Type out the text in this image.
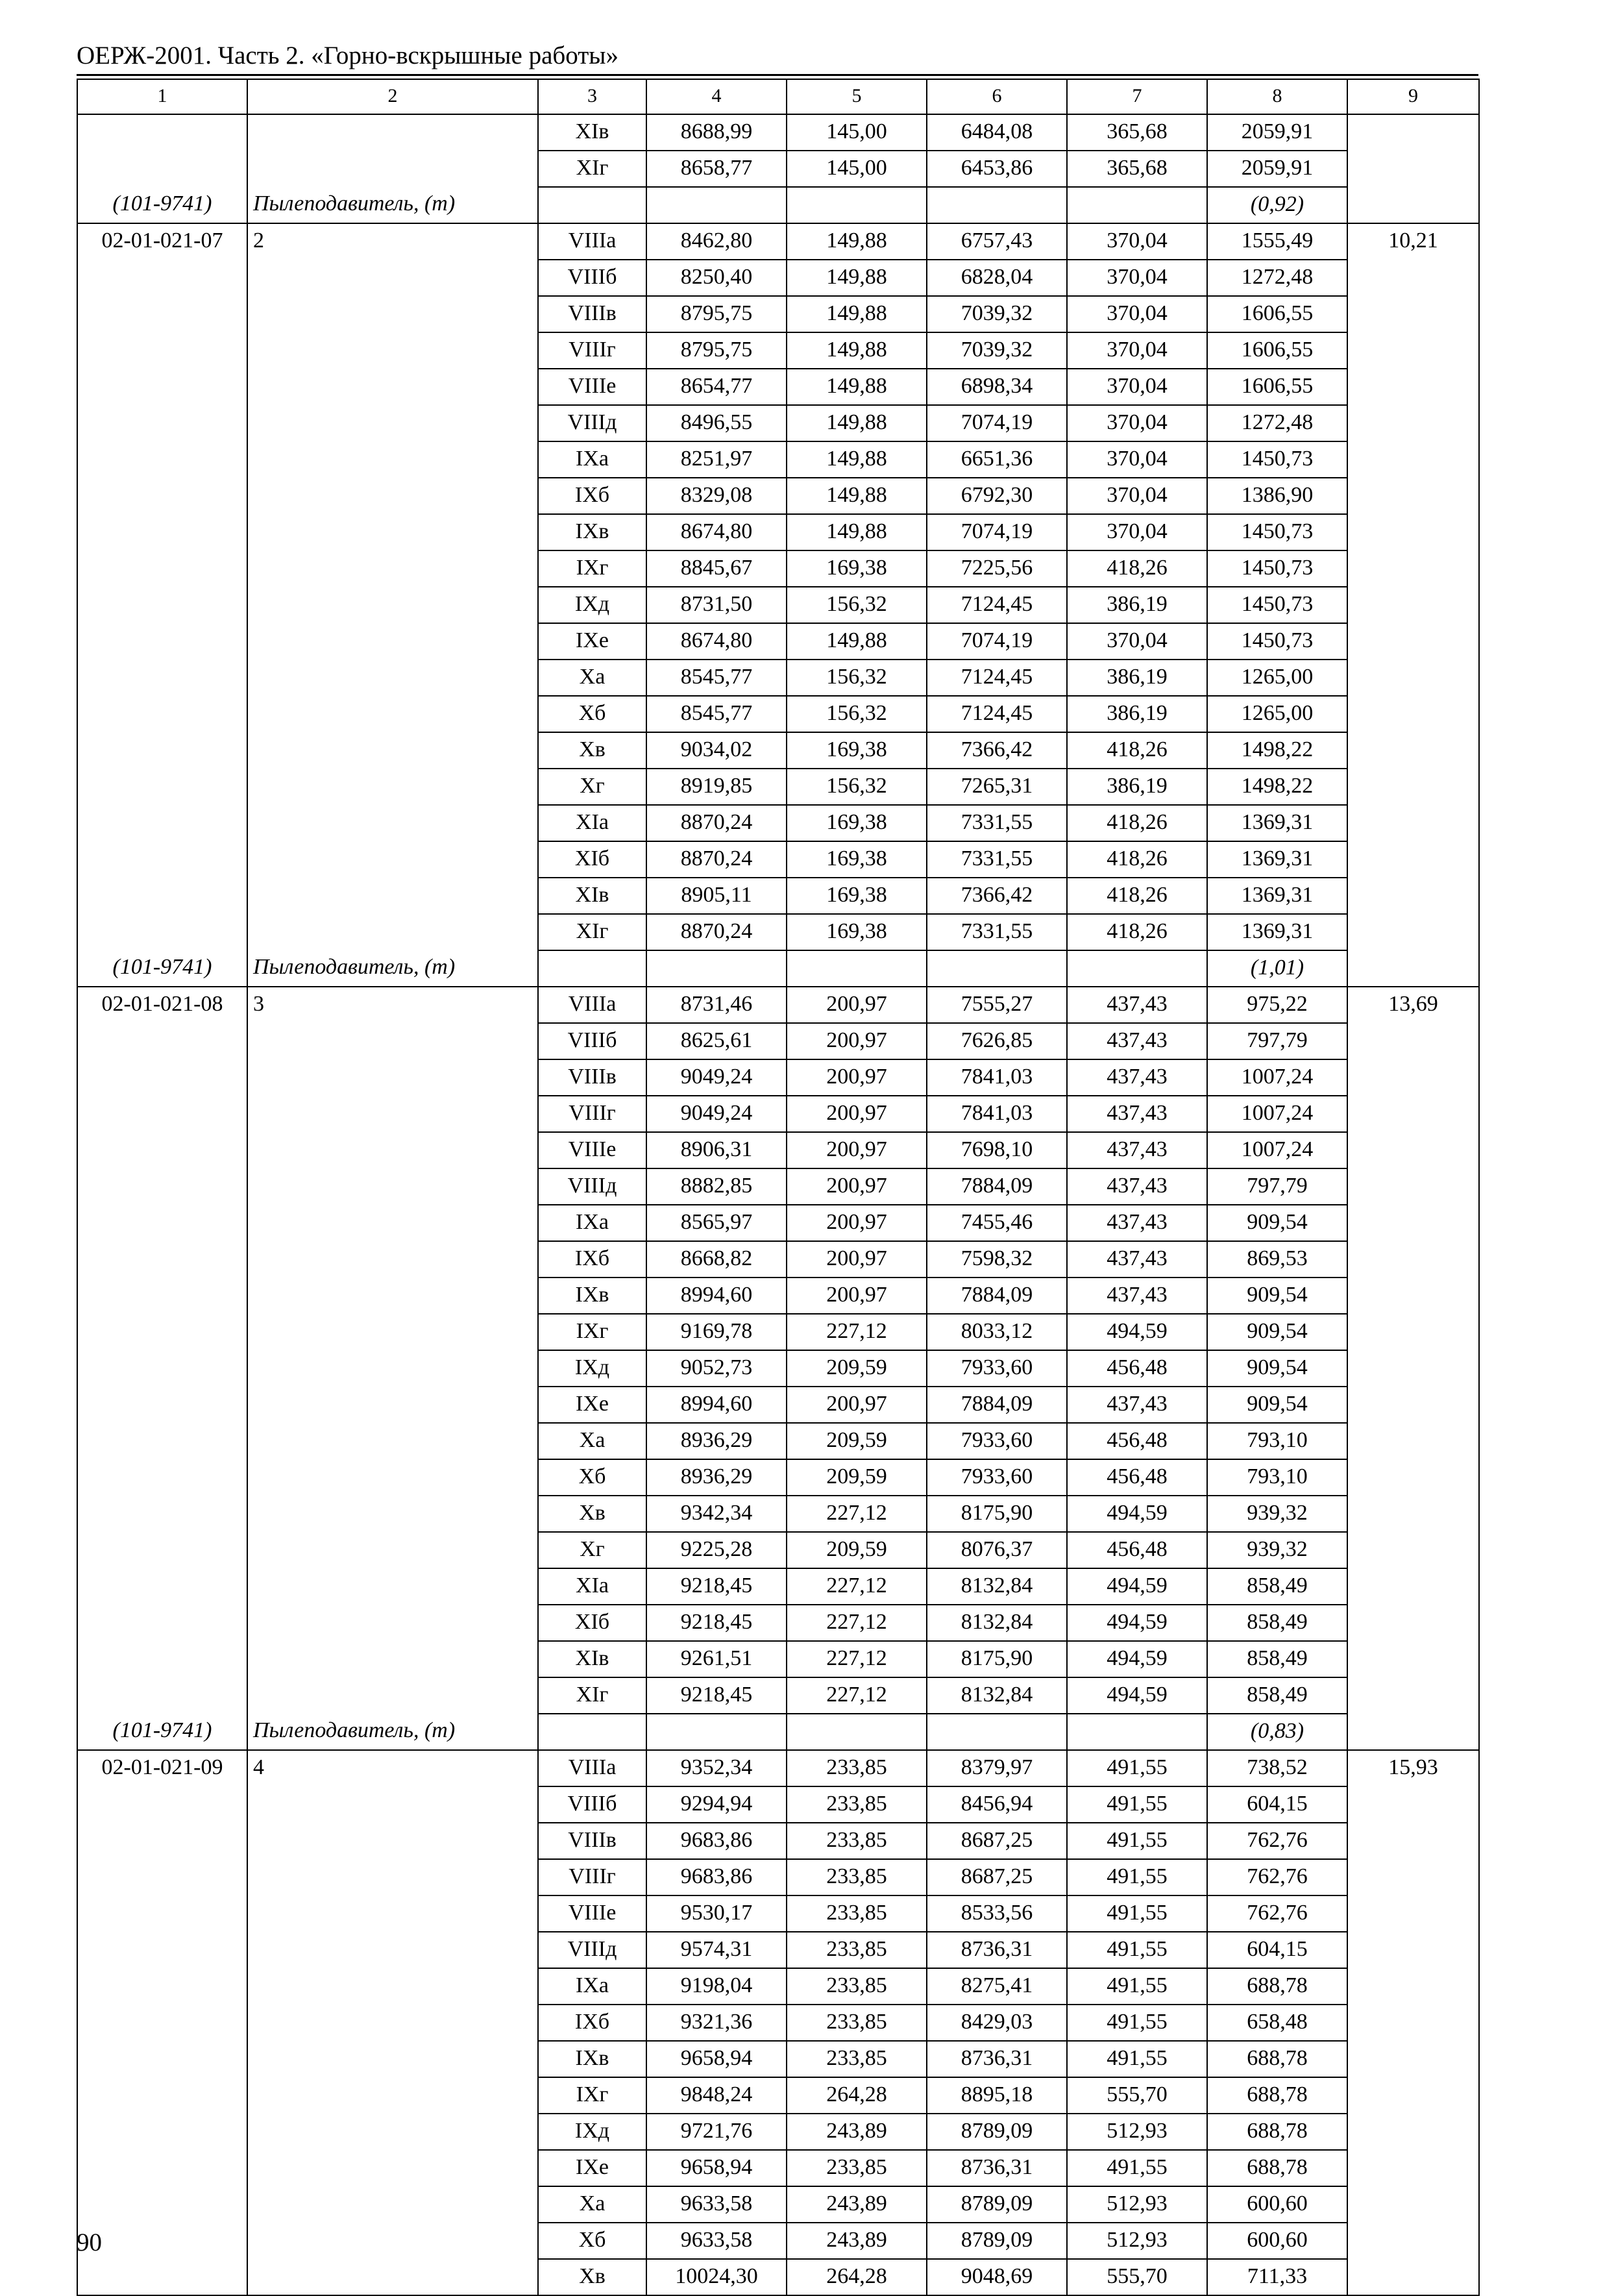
ОЕРЖ-2001. Часть 2. «Горно-вскрышные работы»
1	2	3	4	5	6	7	8	9
		XIв	8688,99	145,00	6484,08	365,68	2059,91	
		XIг	8658,77	145,00	6453,86	365,68	2059,91	
(101-9741)	Пылеподавитель, (т)						(0,92)	
02-01-021-07	2	VIIIа	8462,80	149,88	6757,43	370,04	1555,49	10,21
		VIIIб	8250,40	149,88	6828,04	370,04	1272,48	
		VIIIв	8795,75	149,88	7039,32	370,04	1606,55	
		VIIIг	8795,75	149,88	7039,32	370,04	1606,55	
		VIIIе	8654,77	149,88	6898,34	370,04	1606,55	
		VIIIд	8496,55	149,88	7074,19	370,04	1272,48	
		IXа	8251,97	149,88	6651,36	370,04	1450,73	
		IXб	8329,08	149,88	6792,30	370,04	1386,90	
		IXв	8674,80	149,88	7074,19	370,04	1450,73	
		IXг	8845,67	169,38	7225,56	418,26	1450,73	
		IXд	8731,50	156,32	7124,45	386,19	1450,73	
		IXе	8674,80	149,88	7074,19	370,04	1450,73	
		Xа	8545,77	156,32	7124,45	386,19	1265,00	
		Xб	8545,77	156,32	7124,45	386,19	1265,00	
		Xв	9034,02	169,38	7366,42	418,26	1498,22	
		Xг	8919,85	156,32	7265,31	386,19	1498,22	
		XIа	8870,24	169,38	7331,55	418,26	1369,31	
		XIб	8870,24	169,38	7331,55	418,26	1369,31	
		XIв	8905,11	169,38	7366,42	418,26	1369,31	
		XIг	8870,24	169,38	7331,55	418,26	1369,31	
(101-9741)	Пылеподавитель, (т)						(1,01)	
02-01-021-08	3	VIIIа	8731,46	200,97	7555,27	437,43	975,22	13,69
		VIIIб	8625,61	200,97	7626,85	437,43	797,79	
		VIIIв	9049,24	200,97	7841,03	437,43	1007,24	
		VIIIг	9049,24	200,97	7841,03	437,43	1007,24	
		VIIIе	8906,31	200,97	7698,10	437,43	1007,24	
		VIIIд	8882,85	200,97	7884,09	437,43	797,79	
		IXа	8565,97	200,97	7455,46	437,43	909,54	
		IXб	8668,82	200,97	7598,32	437,43	869,53	
		IXв	8994,60	200,97	7884,09	437,43	909,54	
		IXг	9169,78	227,12	8033,12	494,59	909,54	
		IXд	9052,73	209,59	7933,60	456,48	909,54	
		IXе	8994,60	200,97	7884,09	437,43	909,54	
		Xа	8936,29	209,59	7933,60	456,48	793,10	
		Xб	8936,29	209,59	7933,60	456,48	793,10	
		Xв	9342,34	227,12	8175,90	494,59	939,32	
		Xг	9225,28	209,59	8076,37	456,48	939,32	
		XIа	9218,45	227,12	8132,84	494,59	858,49	
		XIб	9218,45	227,12	8132,84	494,59	858,49	
		XIв	9261,51	227,12	8175,90	494,59	858,49	
		XIг	9218,45	227,12	8132,84	494,59	858,49	
(101-9741)	Пылеподавитель, (т)						(0,83)	
02-01-021-09	4	VIIIа	9352,34	233,85	8379,97	491,55	738,52	15,93
		VIIIб	9294,94	233,85	8456,94	491,55	604,15	
		VIIIв	9683,86	233,85	8687,25	491,55	762,76	
		VIIIг	9683,86	233,85	8687,25	491,55	762,76	
		VIIIе	9530,17	233,85	8533,56	491,55	762,76	
		VIIIд	9574,31	233,85	8736,31	491,55	604,15	
		IXа	9198,04	233,85	8275,41	491,55	688,78	
		IXб	9321,36	233,85	8429,03	491,55	658,48	
		IXв	9658,94	233,85	8736,31	491,55	688,78	
		IXг	9848,24	264,28	8895,18	555,70	688,78	
		IXд	9721,76	243,89	8789,09	512,93	688,78	
		IXе	9658,94	233,85	8736,31	491,55	688,78	
		Xа	9633,58	243,89	8789,09	512,93	600,60	
		Xб	9633,58	243,89	8789,09	512,93	600,60	
		Xв	10024,30	264,28	9048,69	555,70	711,33	
90
